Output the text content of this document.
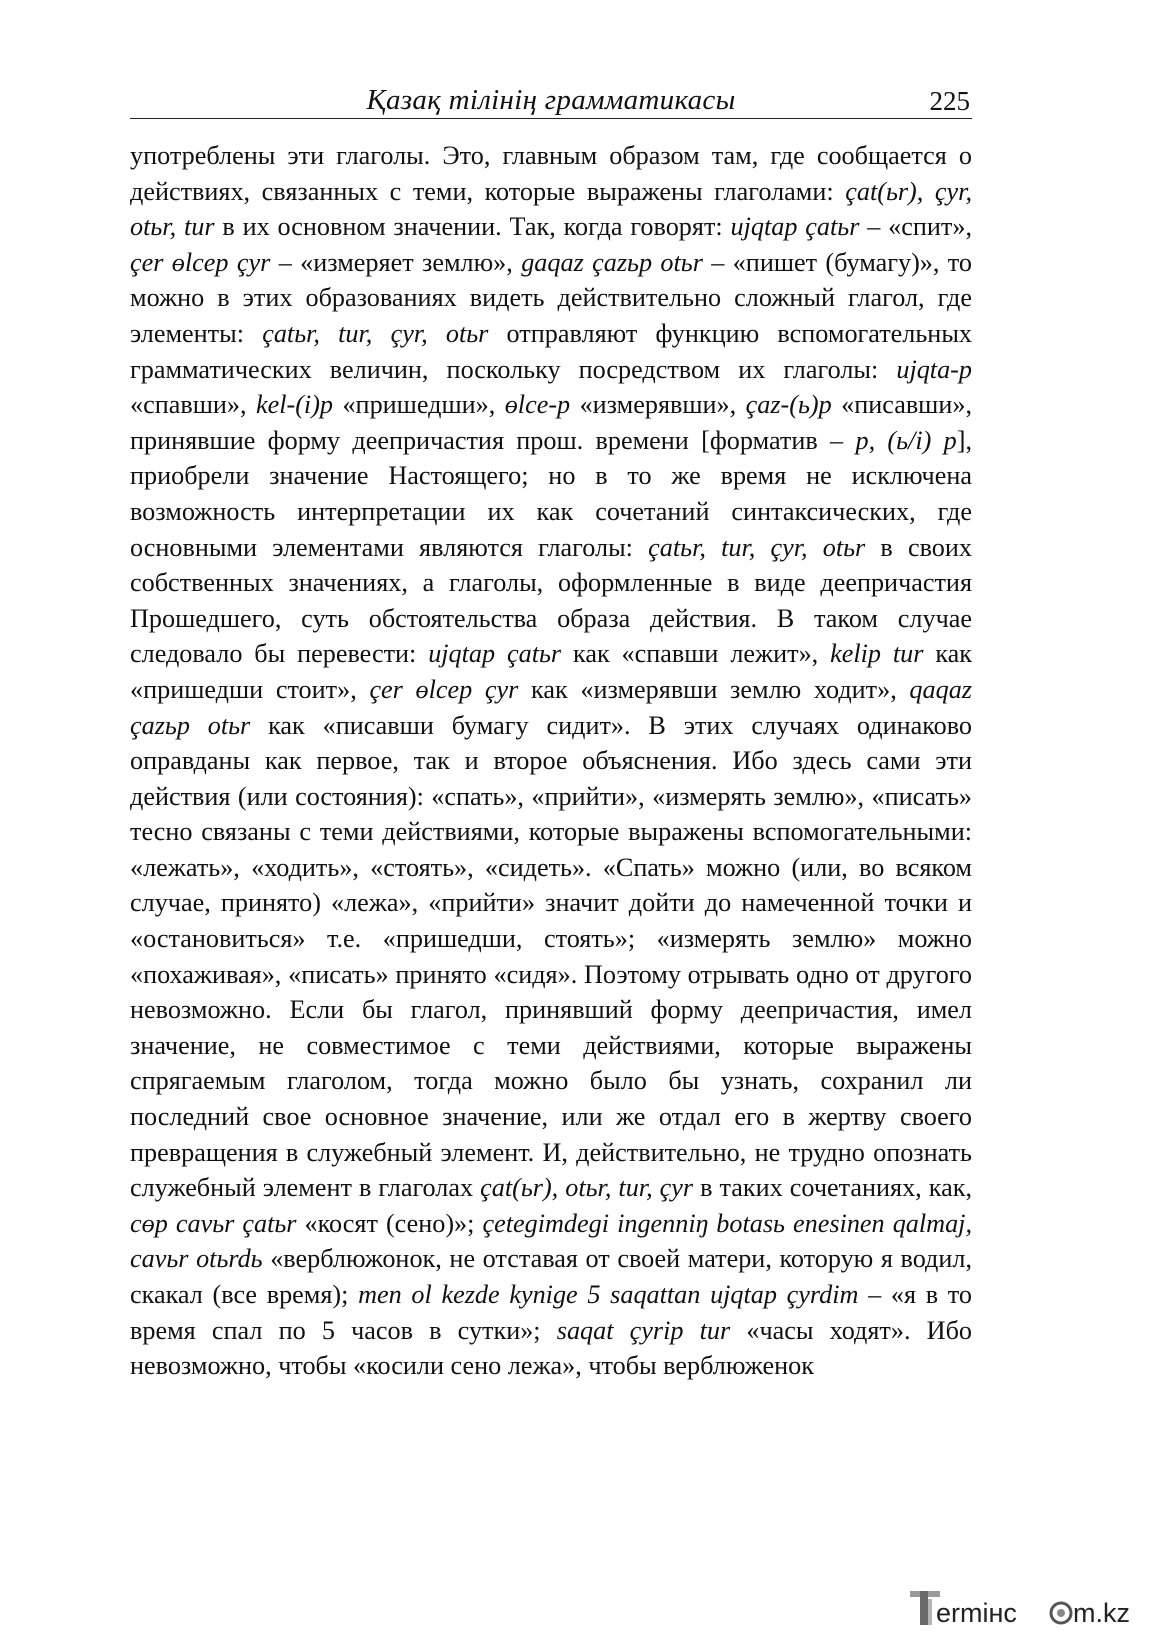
Қазақ тілінің грамматикасы	225

употреблены эти глаголы. Это, главным образом там, где сообщается о действиях, связанных с теми, которые выражены глаголами: çat(ьr), çyr, otьr, tur в их основном значении. Так, когда говорят: ujqtap çatьr – «спит», çer ɵlcep çyr – «измеряет землю», gaqaz çazьp otьr – «пишет (бумагу)», то можно в этих образованиях видеть действительно сложный глагол, где элементы: çatьr, tur, çyr, otьr отправляют функцию вспомогательных грамматических величин, поскольку посредством их глаголы: ujqta-p «спавши», kel-(i)p «пришедши», ɵlce-p «измерявши», çaz-(ь)p «писавши», принявшие форму деепричастия прош. времени [форматив – p, (ь/i) p], приобрели значение Настоящего; но в то же время не исключена возможность интерпретации их как сочетаний синтаксических, где основными элементами являются глаголы: çatьr, tur, çyr, otьr в своих собственных значениях, а глаголы, оформленные в виде деепричастия Прошедшего, суть обстоятельства образа действия. В таком случае следовало бы перевести: ujqtap çatьr как «спавши лежит», kelip tur как «пришедши стоит», çer ɵlcep çyr как «измерявши землю ходит», qaqaz çazьp otьr как «писавши бумагу сидит». В этих случаях одинаково оправданы как первое, так и второе объяснения. Ибо здесь сами эти действия (или состояния): «спать», «прийти», «измерять землю», «писать» тесно связаны с теми действиями, которые выражены вспомогательными: «лежать», «ходить», «стоять», «сидеть». «Спать» можно (или, во всяком случае, принято) «лежа», «прийти» значит дойти до намеченной точки и «остановиться» т.е. «пришедши, стоять»; «измерять землю» можно «похаживая», «писать» принято «сидя». Поэтому отрывать одно от другого невозможно. Если бы глагол, принявший форму деепричастия, имел значение, не совместимое с теми действиями, которые выражены спрягаемым глаголом, тогда можно было бы узнать, сохранил ли последний свое основное значение, или же отдал его в жертву своего превращения в служебный элемент. И, действительно, не трудно опознать служебный элемент в глаголах çat(ьr), otьr, tur, çyr в таких сочетаниях, как, cɵp cavьr çatьr «косят (сено)»; çetegimdegi ingenniŋ botasь enesinen qalmaj, cavьr otьrdь «верблюжонок, не отставая от своей матери, которую я водил, скакал (все время); men ol kezde kynige 5 saqattan ujqtap çyrdim – «я в то время спал по 5 часов в сутки»; saqat çyrip tur «часы ходят». Ибо невозможно, чтобы «косили сено лежа», чтобы верблюженок

ermінc m.kz
